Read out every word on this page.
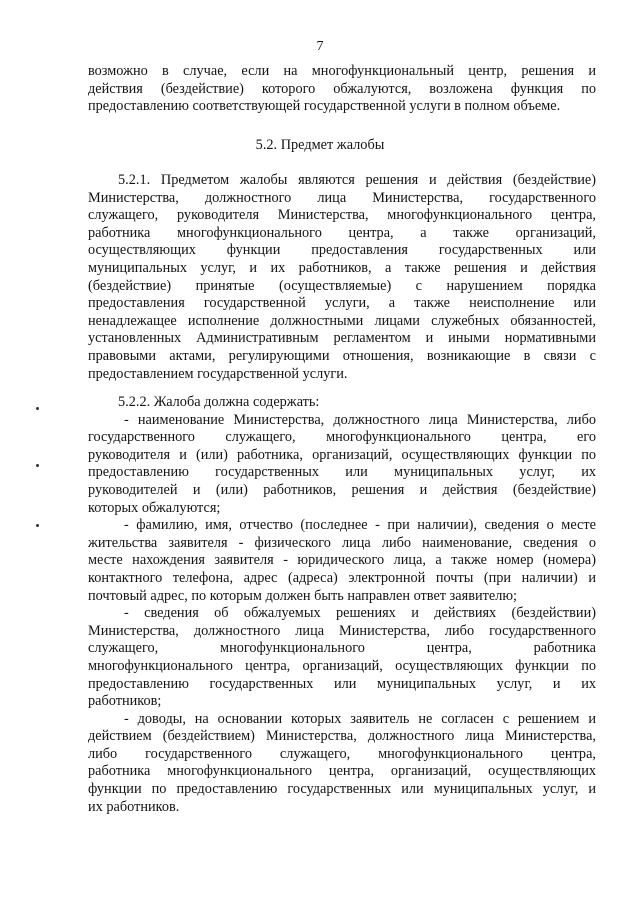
7
возможно в случае, если на многофункциональный центр, решения и
действия (бездействие) которого обжалуются, возложена функция по
предоставлению соответствующей государственной услуги в полном объеме.
5.2. Предмет жалобы
5.2.1. Предметом жалобы являются решения и действия (бездействие)
Министерства, должностного лица Министерства, государственного
служащего, руководителя Министерства, многофункционального центра,
работника многофункционального центра, а также организаций,
осуществляющих функции предоставления государственных или
муниципальных услуг, и их работников, а также решения и действия
(бездействие) принятые (осуществляемые) с нарушением порядка
предоставления государственной услуги, а также неисполнение или
ненадлежащее исполнение должностными лицами служебных обязанностей,
установленных Административным регламентом и иными нормативными
правовыми актами, регулирующими отношения, возникающие в связи с
предоставлением государственной услуги.
5.2.2. Жалоба должна содержать:
- наименование Министерства, должностного лица Министерства, либо
государственного служащего, многофункционального центра, его
руководителя и (или) работника, организаций, осуществляющих функции по
предоставлению государственных или муниципальных услуг, их
руководителей и (или) работников, решения и действия (бездействие)
которых обжалуются;
- фамилию, имя, отчество (последнее - при наличии), сведения о месте
жительства заявителя - физического лица либо наименование, сведения о
месте нахождения заявителя - юридического лица, а также номер (номера)
контактного телефона, адрес (адреса) электронной почты (при наличии) и
почтовый адрес, по которым должен быть направлен ответ заявителю;
- сведения об обжалуемых решениях и действиях (бездействии)
Министерства, должностного лица Министерства, либо государственного
служащего, многофункционального центра, работника
многофункционального центра, организаций, осуществляющих функции по
предоставлению государственных или муниципальных услуг, и их
работников;
- доводы, на основании которых заявитель не согласен с решением и
действием (бездействием) Министерства, должностного лица Министерства,
либо государственного служащего, многофункционального центра,
работника многофункционального центра, организаций, осуществляющих
функции по предоставлению государственных или муниципальных услуг, и
их работников.
